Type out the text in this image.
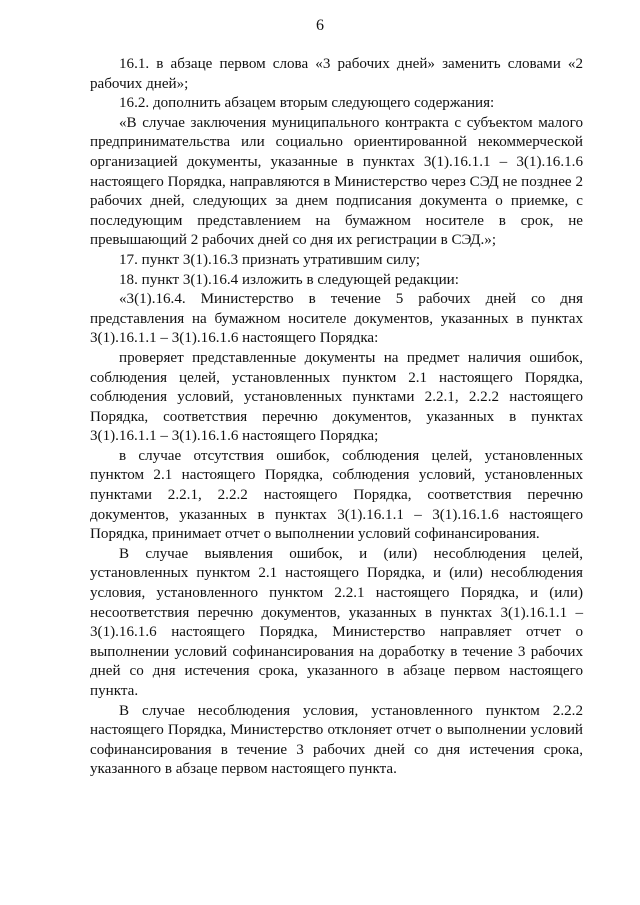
6

16.1. в абзаце первом слова «3 рабочих дней» заменить словами «2 рабочих дней»;

16.2. дополнить абзацем вторым следующего содержания:

«В случае заключения муниципального контракта с субъектом малого предпринимательства или социально ориентированной некоммерческой организацией документы, указанные в пунктах 3(1).16.1.1 – 3(1).16.1.6 настоящего Порядка, направляются в Министерство через СЭД не позднее 2 рабочих дней, следующих за днем подписания документа о приемке, с последующим представлением на бумажном носителе в срок, не превышающий 2 рабочих дней со дня их регистрации в СЭД.»;

17. пункт 3(1).16.3 признать утратившим силу;

18. пункт 3(1).16.4 изложить в следующей редакции:

«3(1).16.4. Министерство в течение 5 рабочих дней со дня представления на бумажном носителе документов, указанных в пунктах 3(1).16.1.1 – 3(1).16.1.6 настоящего Порядка:

проверяет представленные документы на предмет наличия ошибок, соблюдения целей, установленных пунктом 2.1 настоящего Порядка, соблюдения условий, установленных пунктами 2.2.1, 2.2.2 настоящего Порядка, соответствия перечню документов, указанных в пунктах 3(1).16.1.1 – 3(1).16.1.6 настоящего Порядка;

в случае отсутствия ошибок, соблюдения целей, установленных пунктом 2.1 настоящего Порядка, соблюдения условий, установленных пунктами 2.2.1, 2.2.2 настоящего Порядка, соответствия перечню документов, указанных в пунктах 3(1).16.1.1 – 3(1).16.1.6 настоящего Порядка, принимает отчет о выполнении условий софинансирования.

В случае выявления ошибок, и (или) несоблюдения целей, установленных пунктом 2.1 настоящего Порядка, и (или) несоблюдения условия, установленного пунктом 2.2.1 настоящего Порядка, и (или) несоответствия перечню документов, указанных в пунктах 3(1).16.1.1 – 3(1).16.1.6 настоящего Порядка, Министерство направляет отчет о выполнении условий софинансирования на доработку в течение 3 рабочих дней со дня истечения срока, указанного в абзаце первом настоящего пункта.

В случае несоблюдения условия, установленного пунктом 2.2.2 настоящего Порядка, Министерство отклоняет отчет о выполнении условий софинансирования в течение 3 рабочих дней со дня истечения срока, указанного в абзаце первом настоящего пункта.
